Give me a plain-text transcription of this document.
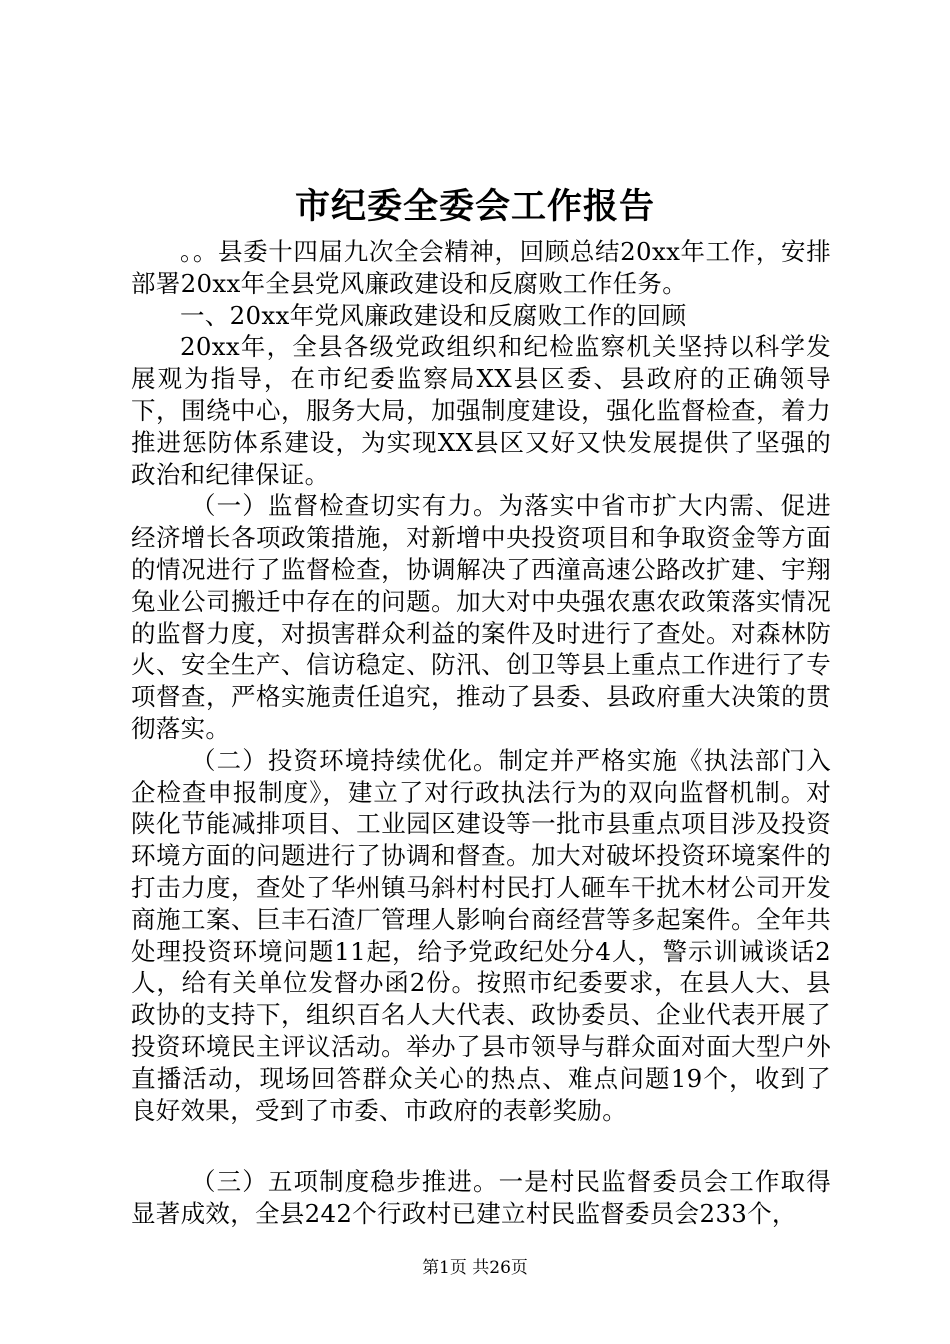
市纪委全委会工作报告

。。县委十四届九次全会精神，回顾总结20xx年工作，安排部署20xx年全县党风廉政建设和反腐败工作任务。

一、20xx年党风廉政建设和反腐败工作的回顾

20xx年，全县各级党政组织和纪检监察机关坚持以科学发展观为指导，在市纪委监察局XX县区委、县政府的正确领导下，围绕中心，服务大局，加强制度建设，强化监督检查，着力推进惩防体系建设，为实现XX县区又好又快发展提供了坚强的政治和纪律保证。

（一）监督检查切实有力。为落实中省市扩大内需、促进经济增长各项政策措施，对新增中央投资项目和争取资金等方面的情况进行了监督检查，协调解决了西潼高速公路改扩建、宇翔兔业公司搬迁中存在的问题。加大对中央强农惠农政策落实情况的监督力度，对损害群众利益的案件及时进行了查处。对森林防火、安全生产、信访稳定、防汛、创卫等县上重点工作进行了专项督查，严格实施责任追究，推动了县委、县政府重大决策的贯彻落实。

（二）投资环境持续优化。制定并严格实施《执法部门入企检查申报制度》，建立了对行政执法行为的双向监督机制。对陕化节能减排项目、工业园区建设等一批市县重点项目涉及投资环境方面的问题进行了协调和督查。加大对破坏投资环境案件的打击力度，查处了华州镇马斜村村民打人砸车干扰木材公司开发商施工案、巨丰石渣厂管理人影响台商经营等多起案件。全年共处理投资环境问题11起，给予党政纪处分4人，警示训诫谈话2人，给有关单位发督办函2份。按照市纪委要求，在县人大、县政协的支持下，组织百名人大代表、政协委员、企业代表开展了投资环境民主评议活动。举办了县市领导与群众面对面大型户外直播活动，现场回答群众关心的热点、难点问题19个，收到了良好效果，受到了市委、市政府的表彰奖励。

（三）五项制度稳步推进。一是村民监督委员会工作取得显著成效，全县242个行政村已建立村民监督委员会233个，

第1页 共26页
